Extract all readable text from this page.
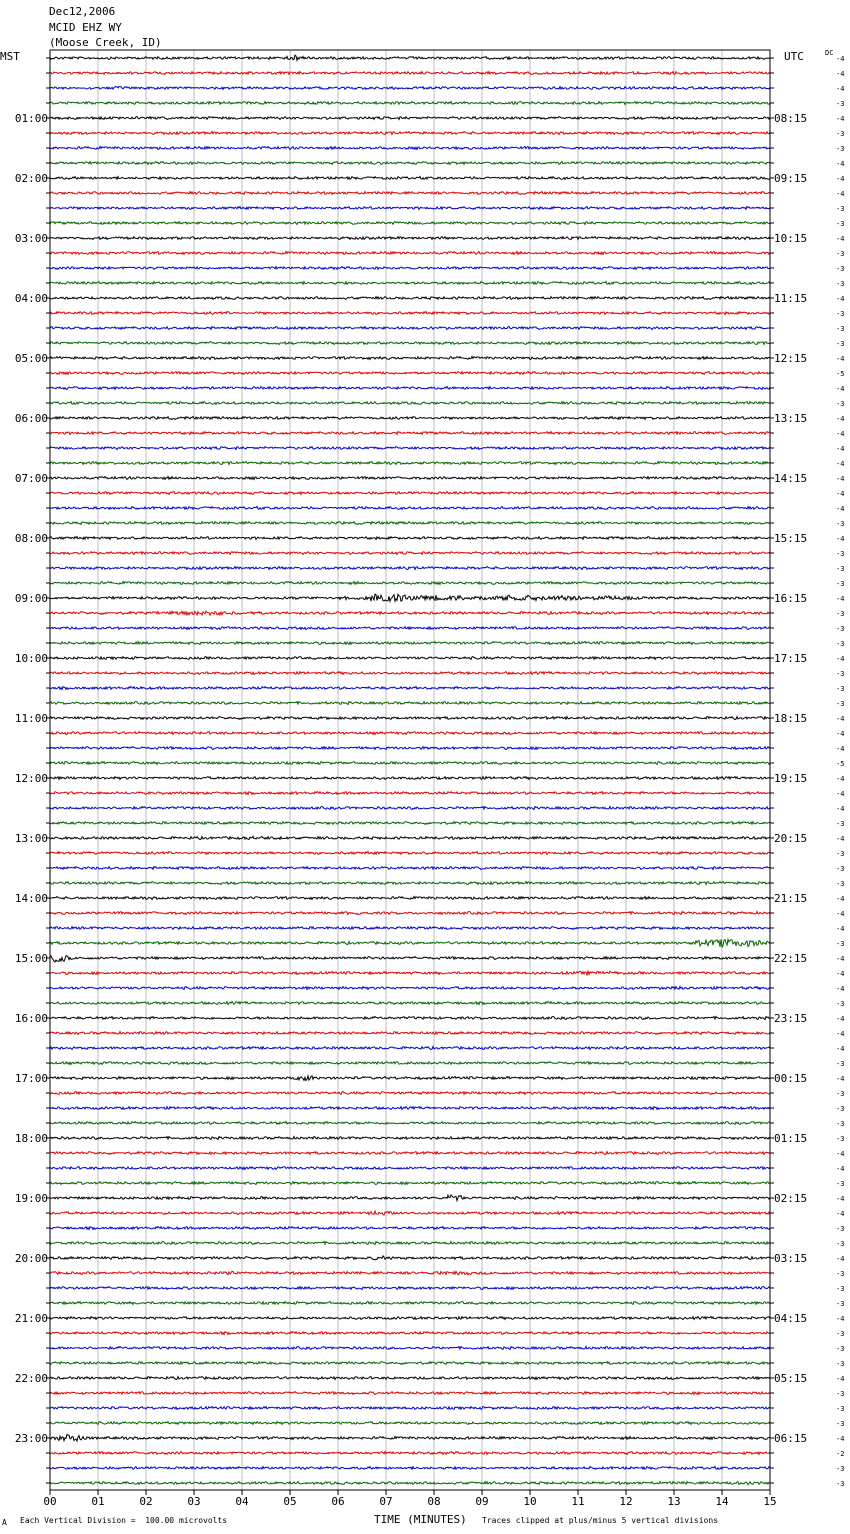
01:00
02:00
03:00
04:00
05:00
06:00
07:00
08:00
09:00
10:00
11:00
12:00
13:00
14:00
15:00
16:00
17:00
18:00
19:00
20:00
21:00
22:00
23:00
08:15
09:15
10:15
11:15
12:15
13:15
14:15
15:15
16:15
17:15
18:15
19:15
20:15
21:15
22:15
23:15
00:15
01:15
02:15
03:15
04:15
05:15
06:15
-4
-4
-4
-3
-4
-3
-3
-4
-4
-4
-3
-3
-4
-3
-3
-3
-4
-3
-3
-3
-4
-5
-4
-3
-4
-4
-4
-4
-4
-4
-4
-3
-4
-3
-3
-3
-4
-3
-3
-3
-4
-3
-3
-3
-4
-4
-4
-5
-4
-4
-4
-3
-4
-3
-3
-3
-4
-4
-4
-3
-4
-4
-4
-3
-4
-4
-4
-3
-4
-3
-3
-3
-3
-4
-4
-3
-4
-4
-3
-3
-4
-3
-3
-3
-4
-3
-3
-3
-4
-3
-3
-3
-4
-2
-3
-3
00	01	02	03	04	05	06	07	08	09	10	11	12	13	14	15
Dec12,2006
MCID EHZ WY
(Moose Creek, ID)
MST	UTC	DC
A Each Vertical Division =  100.00 microvolts	TIME (MINUTES) Traces clipped at plus/minus 5 vertical divisions
